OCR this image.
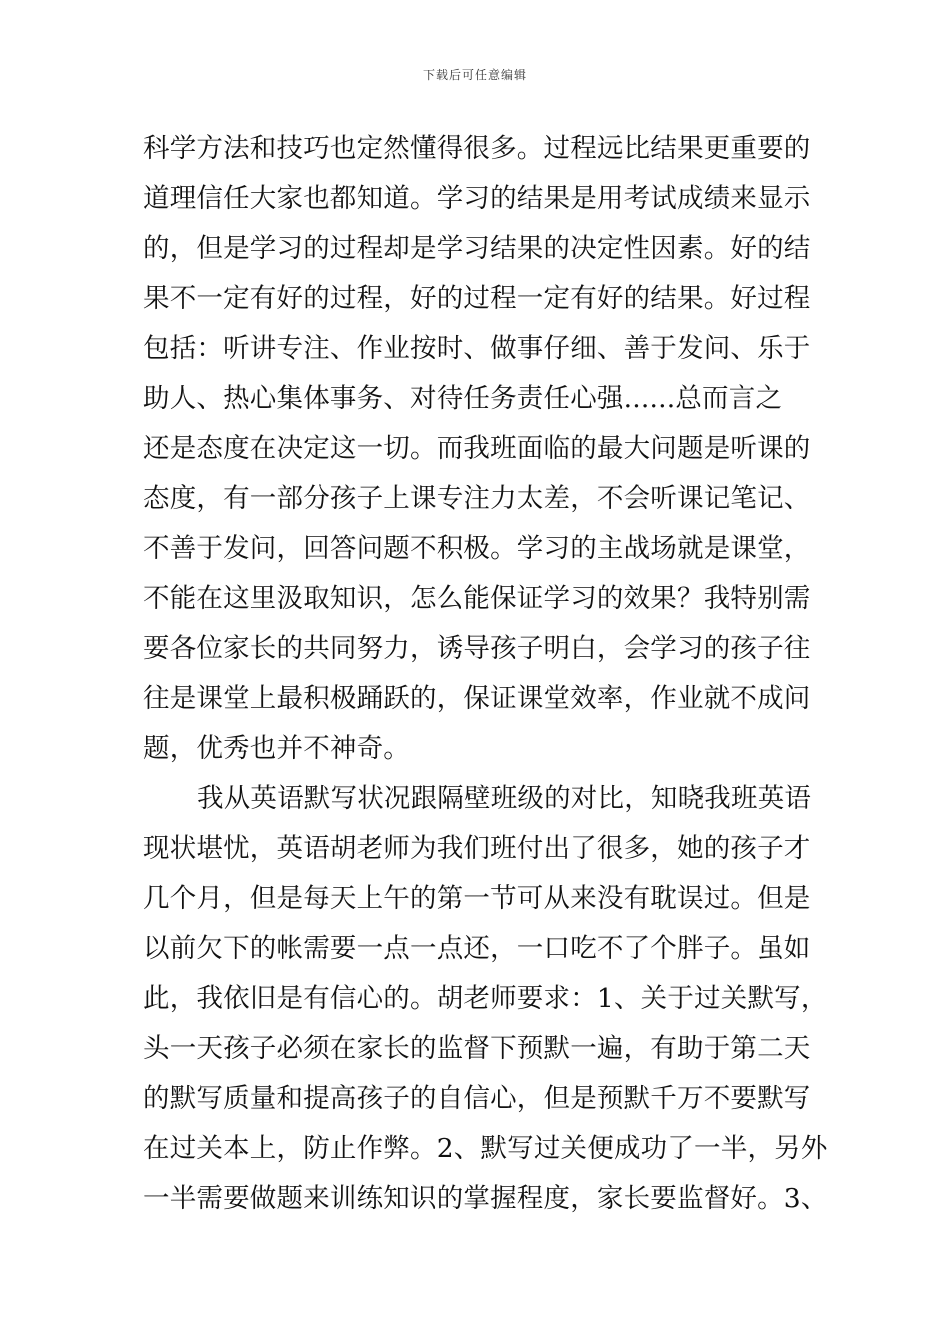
下载后可任意编辑
科学方法和技巧也定然懂得很多。过程远比结果更重要的
道理信任大家也都知道。学习的结果是用考试成绩来显示
的，但是学习的过程却是学习结果的决定性因素。好的结
果不一定有好的过程，好的过程一定有好的结果。好过程
包括：听讲专注、作业按时、做事仔细、善于发问、乐于
助人、热心集体事务、对待任务责任心强......总而言之
还是态度在决定这一切。而我班面临的最大问题是听课的
态度，有一部分孩子上课专注力太差，不会听课记笔记、
不善于发问，回答问题不积极。学习的主战场就是课堂，
不能在这里汲取知识，怎么能保证学习的效果？我特别需
要各位家长的共同努力，诱导孩子明白，会学习的孩子往
往是课堂上最积极踊跃的，保证课堂效率，作业就不成问
题，优秀也并不神奇。
我从英语默写状况跟隔壁班级的对比，知晓我班英语
现状堪忧，英语胡老师为我们班付出了很多，她的孩子才
几个月，但是每天上午的第一节可从来没有耽误过。但是
以前欠下的帐需要一点一点还，一口吃不了个胖子。虽如
此，我依旧是有信心的。胡老师要求：1、关于过关默写，
头一天孩子必须在家长的监督下预默一遍，有助于第二天
的默写质量和提高孩子的自信心，但是预默千万不要默写
在过关本上，防止作弊。2、默写过关便成功了一半，另外
一半需要做题来训练知识的掌握程度，家长要监督好。3、
